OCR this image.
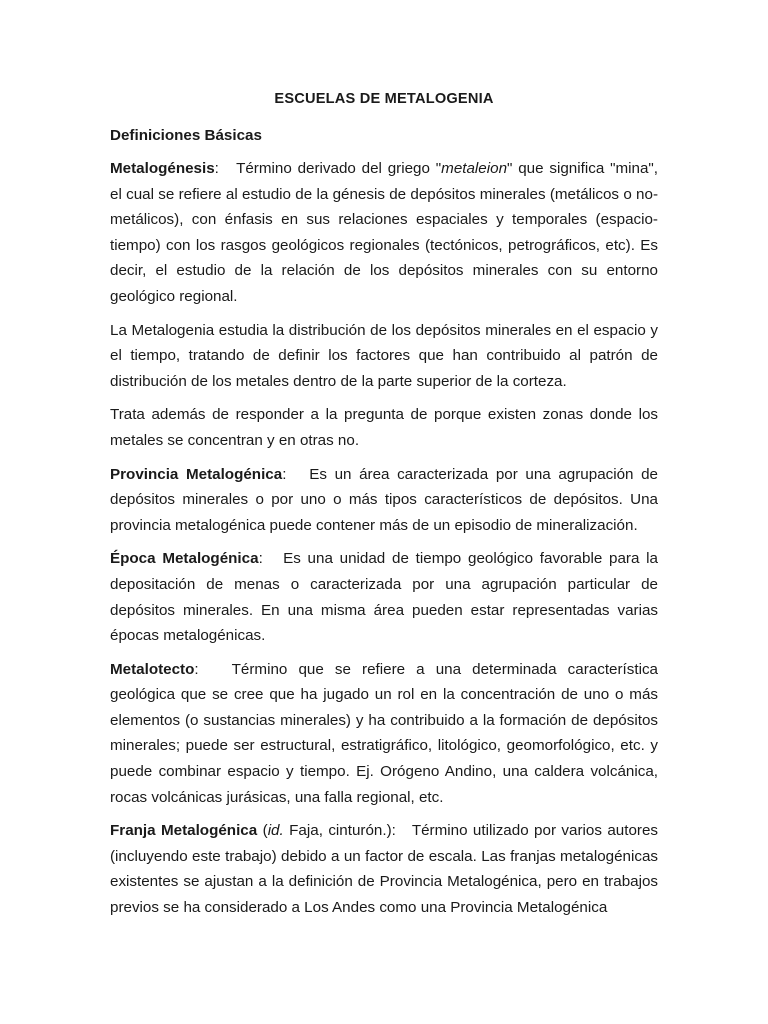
ESCUELAS DE METALOGENIA
Definiciones Básicas

Metalogénesis:   Término derivado del griego "metaleion" que significa "mina", el cual se refiere al estudio de la génesis de depósitos minerales (metálicos o no-metálicos), con énfasis en sus relaciones espaciales y temporales (espacio-tiempo) con los rasgos geológicos regionales (tectónicos, petrográficos, etc). Es decir, el estudio de la relación de los depósitos minerales con su entorno geológico regional.

La Metalogenia estudia la distribución de los depósitos minerales en el espacio y el tiempo, tratando de definir los factores que han contribuido al patrón de distribución de los metales dentro de la parte superior de la corteza.

Trata además de responder a la pregunta de porque existen zonas donde los metales se concentran y en otras no.

Provincia Metalogénica:   Es un área caracterizada por una agrupación de depósitos minerales o por uno o más tipos característicos de depósitos. Una provincia metalogénica puede contener más de un episodio de mineralización.

Época Metalogénica:   Es una unidad de tiempo geológico favorable para la depositación de menas o caracterizada por una agrupación particular de depósitos minerales. En una misma área pueden estar representadas varias épocas metalogénicas.

Metalotecto:   Término que se refiere a una determinada característica geológica que se cree que ha jugado un rol en la concentración de uno o más elementos (o sustancias minerales) y ha contribuido a la formación de depósitos minerales; puede ser estructural, estratigráfico, litológico, geomorfológico, etc. y puede combinar espacio y tiempo. Ej. Orógeno Andino, una caldera volcánica, rocas volcánicas jurásicas, una falla regional, etc.

Franja Metalogénica (id. Faja, cinturón.):   Término utilizado por varios autores (incluyendo este trabajo) debido a un factor de escala. Las franjas metalogénicas existentes se ajustan a la definición de Provincia Metalogénica, pero en trabajos previos se ha considerado a Los Andes como una Provincia Metalogénica
